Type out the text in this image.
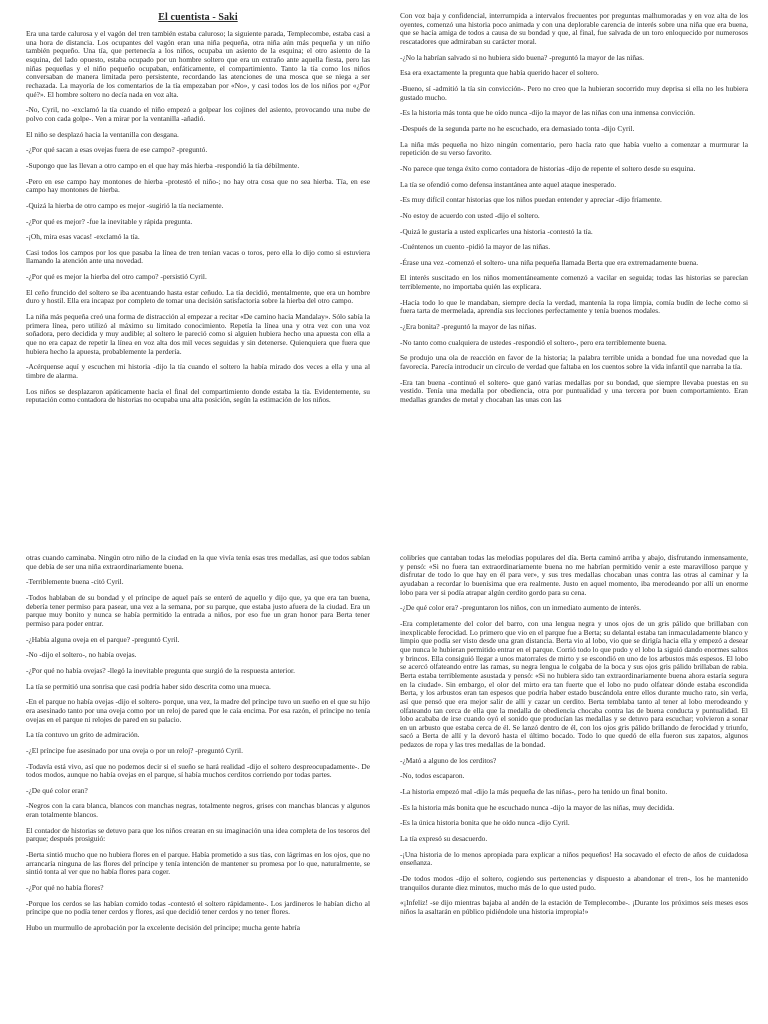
El cuentista - Saki

Era una tarde calurosa y el vagón del tren también estaba caluroso; la siguiente parada, Templecombe, estaba casi a una hora de distancia. Los ocupantes del vagón eran una niña pequeña, otra niña aún más pequeña y un niño también pequeño. Una tía, que pertenecía a los niños, ocupaba un asiento de la esquina; el otro asiento de la esquina, del lado opuesto, estaba ocupado por un hombre soltero que era un extraño ante aquella fiesta, pero las niñas pequeñas y el niño pequeño ocupaban, enfáticamente, el compartimiento. Tanto la tía como los niños conversaban de manera limitada pero persistente, recordando las atenciones de una mosca que se niega a ser rechazada. La mayoría de los comentarios de la tía empezaban por «No», y casi todos los de los niños por «¿Por qué?». El hombre soltero no decía nada en voz alta.

-No, Cyril, no -exclamó la tía cuando el niño empezó a golpear los cojines del asiento, provocando una nube de polvo con cada golpe-. Ven a mirar por la ventanilla -añadió.

El niño se desplazó hacia la ventanilla con desgana.

-¿Por qué sacan a esas ovejas fuera de ese campo? -preguntó.

-Supongo que las llevan a otro campo en el que hay más hierba -respondió la tía débilmente.

-Pero en ese campo hay montones de hierba -protestó el niño-; no hay otra cosa que no sea hierba. Tía, en ese campo hay montones de hierba.

-Quizá la hierba de otro campo es mejor -sugirió la tía neciamente.

-¿Por qué es mejor? -fue la inevitable y rápida pregunta.

-¡Oh, mira esas vacas! -exclamó la tía.

Casi todos los campos por los que pasaba la línea de tren tenían vacas o toros, pero ella lo dijo como si estuviera llamando la atención ante una novedad.

-¿Por qué es mejor la hierba del otro campo? -persistió Cyril.

El ceño fruncido del soltero se iba acentuando hasta estar ceñudo. La tía decidió, mentalmente, que era un hombre duro y hostil. Ella era incapaz por completo de tomar una decisión satisfactoria sobre la hierba del otro campo.

La niña más pequeña creó una forma de distracción al empezar a recitar «De camino hacia Mandalay». Sólo sabía la primera línea, pero utilizó al máximo su limitado conocimiento. Repetía la línea una y otra vez con una voz soñadora, pero decidida y muy audible; al soltero le pareció como si alguien hubiera hecho una apuesta con ella a que no era capaz de repetir la línea en voz alta dos mil veces seguidas y sin detenerse. Quienquiera que fuera que hubiera hecho la apuesta, probablemente la perdería.

-Acérquense aquí y escuchen mi historia -dijo la tía cuando el soltero la había mirado dos veces a ella y una al timbre de alarma.

Los niños se desplazaron apáticamente hacia el final del compartimiento donde estaba la tía. Evidentemente, su reputación como contadora de historias no ocupaba una alta posición, según la estimación de los niños.

Con voz baja y confidencial, interrumpida a intervalos frecuentes por preguntas malhumoradas y en voz alta de los oyentes, comenzó una historia poco animada y con una deplorable carencia de interés sobre una niña que era buena, que se hacía amiga de todos a causa de su bondad y que, al final, fue salvada de un toro enloquecido por numerosos rescatadores que admiraban su carácter moral.

-¿No la habrían salvado si no hubiera sido buena? -preguntó la mayor de las niñas.

Esa era exactamente la pregunta que había querido hacer el soltero.

-Bueno, sí -admitió la tía sin convicción-. Pero no creo que la hubieran socorrido muy deprisa si ella no les hubiera gustado mucho.

-Es la historia más tonta que he oído nunca -dijo la mayor de las niñas con una inmensa convicción.

-Después de la segunda parte no he escuchado, era demasiado tonta -dijo Cyril.

La niña más pequeña no hizo ningún comentario, pero hacía rato que había vuelto a comenzar a murmurar la repetición de su verso favorito.

-No parece que tenga éxito como contadora de historias -dijo de repente el soltero desde su esquina.

La tía se ofendió como defensa instantánea ante aquel ataque inesperado.

-Es muy difícil contar historias que los niños puedan entender y apreciar -dijo fríamente.

-No estoy de acuerdo con usted -dijo el soltero.

-Quizá le gustaría a usted explicarles una historia -contestó la tía.

-Cuéntenos un cuento -pidió la mayor de las niñas.

-Érase una vez -comenzó el soltero- una niña pequeña llamada Berta que era extremadamente buena.

El interés suscitado en los niños momentáneamente comenzó a vacilar en seguida; todas las historias se parecían terriblemente, no importaba quién las explicara.

-Hacía todo lo que le mandaban, siempre decía la verdad, mantenía la ropa limpia, comía budín de leche como si fuera tarta de mermelada, aprendía sus lecciones perfectamente y tenía buenos modales.

-¿Era bonita? -preguntó la mayor de las niñas.

-No tanto como cualquiera de ustedes -respondió el soltero-, pero era terriblemente buena.

Se produjo una ola de reacción en favor de la historia; la palabra terrible unida a bondad fue una novedad que la favorecía. Parecía introducir un círculo de verdad que faltaba en los cuentos sobre la vida infantil que narraba la tía.

-Era tan buena -continuó el soltero- que ganó varias medallas por su bondad, que siempre llevaba puestas en su vestido. Tenía una medalla por obediencia, otra por puntualidad y una tercera por buen comportamiento. Eran medallas grandes de metal y chocaban las unas con las

otras cuando caminaba. Ningún otro niño de la ciudad en la que vivía tenía esas tres medallas, así que todos sabían que debía de ser una niña extraordinariamente buena.

-Terriblemente buena -citó Cyril.

-Todos hablaban de su bondad y el príncipe de aquel país se enteró de aquello y dijo que, ya que era tan buena, debería tener permiso para pasear, una vez a la semana, por su parque, que estaba justo afuera de la ciudad. Era un parque muy bonito y nunca se había permitido la entrada a niños, por eso fue un gran honor para Berta tener permiso para poder entrar.

-¿Había alguna oveja en el parque? -preguntó Cyril.

-No -dijo el soltero-, no había ovejas.

-¿Por qué no había ovejas? -llegó la inevitable pregunta que surgió de la respuesta anterior.

La tía se permitió una sonrisa que casi podría haber sido descrita como una mueca.

-En el parque no había ovejas -dijo el soltero- porque, una vez, la madre del príncipe tuvo un sueño en el que su hijo era asesinado tanto por una oveja como por un reloj de pared que le caía encima. Por esa razón, el príncipe no tenía ovejas en el parque ni relojes de pared en su palacio.

La tía contuvo un grito de admiración.

-¿El príncipe fue asesinado por una oveja o por un reloj? -preguntó Cyril.

-Todavía está vivo, así que no podemos decir si el sueño se hará realidad -dijo el soltero despreocupadamente-. De todos modos, aunque no había ovejas en el parque, sí había muchos cerditos corriendo por todas partes.

-¿De qué color eran?

-Negros con la cara blanca, blancos con manchas negras, totalmente negros, grises con manchas blancas y algunos eran totalmente blancos.

El contador de historias se detuvo para que los niños crearan en su imaginación una idea completa de los tesoros del parque; después prosiguió:

-Berta sintió mucho que no hubiera flores en el parque. Había prometido a sus tías, con lágrimas en los ojos, que no arrancaría ninguna de las flores del príncipe y tenía intención de mantener su promesa por lo que, naturalmente, se sintió tonta al ver que no había flores para coger.

-¿Por qué no había flores?

-Porque los cerdos se las habían comido todas -contestó el soltero rápidamente-. Los jardineros le habían dicho al príncipe que no podía tener cerdos y flores, así que decidió tener cerdos y no tener flores.

Hubo un murmullo de aprobación por la excelente decisión del príncipe; mucha gente habría

colibríes que cantaban todas las melodías populares del día. Berta caminó arriba y abajo, disfrutando inmensamente, y pensó: «Si no fuera tan extraordinariamente buena no me habrían permitido venir a este maravilloso parque y disfrutar de todo lo que hay en él para ver», y sus tres medallas chocaban unas contra las otras al caminar y la ayudaban a recordar lo buenísima que era realmente. Justo en aquel momento, iba merodeando por allí un enorme lobo para ver si podía atrapar algún cerdito gordo para su cena.

-¿De qué color era? -preguntaron los niños, con un inmediato aumento de interés.

-Era completamente del color del barro, con una lengua negra y unos ojos de un gris pálido que brillaban con inexplicable ferocidad. Lo primero que vio en el parque fue a Berta; su delantal estaba tan inmaculadamente blanco y limpio que podía ser visto desde una gran distancia. Berta vio al lobo, vio que se dirigía hacia ella y empezó a desear que nunca le hubieran permitido entrar en el parque. Corrió todo lo que pudo y el lobo la siguió dando enormes saltos y brincos. Ella consiguió llegar a unos matorrales de mirto y se escondió en uno de los arbustos más espesos. El lobo se acercó olfateando entre las ramas, su negra lengua le colgaba de la boca y sus ojos gris pálido brillaban de rabia. Berta estaba terriblemente asustada y pensó: «Si no hubiera sido tan extraordinariamente buena ahora estaría segura en la ciudad». Sin embargo, el olor del mirto era tan fuerte que el lobo no pudo olfatear dónde estaba escondida Berta, y los arbustos eran tan espesos que podría haber estado buscándola entre ellos durante mucho rato, sin verla, así que pensó que era mejor salir de allí y cazar un cerdito. Berta temblaba tanto al tener al lobo merodeando y olfateando tan cerca de ella que la medalla de obediencia chocaba contra las de buena conducta y puntualidad. El lobo acababa de irse cuando oyó el sonido que producían las medallas y se detuvo para escuchar; volvieron a sonar en un arbusto que estaba cerca de él. Se lanzó dentro de él, con los ojos gris pálido brillando de ferocidad y triunfo, sacó a Berta de allí y la devoró hasta el último bocado. Todo lo que quedó de ella fueron sus zapatos, algunos pedazos de ropa y las tres medallas de la bondad.

-¿Mató a alguno de los cerditos?

-No, todos escaparon.

-La historia empezó mal -dijo la más pequeña de las niñas-, pero ha tenido un final bonito.

-Es la historia más bonita que he escuchado nunca -dijo la mayor de las niñas, muy decidida.

-Es la única historia bonita que he oído nunca -dijo Cyril.

La tía expresó su desacuerdo.

-¡Una historia de lo menos apropiada para explicar a niños pequeños! Ha socavado el efecto de años de cuidadosa enseñanza.

-De todos modos -dijo el soltero, cogiendo sus pertenencias y dispuesto a abandonar el tren-, los he mantenido tranquilos durante diez minutos, mucho más de lo que usted pudo.

«¡Infeliz! -se dijo mientras bajaba al andén de la estación de Templecombe-. ¡Durante los próximos seis meses esos niños la asaltarán en público pidiéndole una historia impropia!»
